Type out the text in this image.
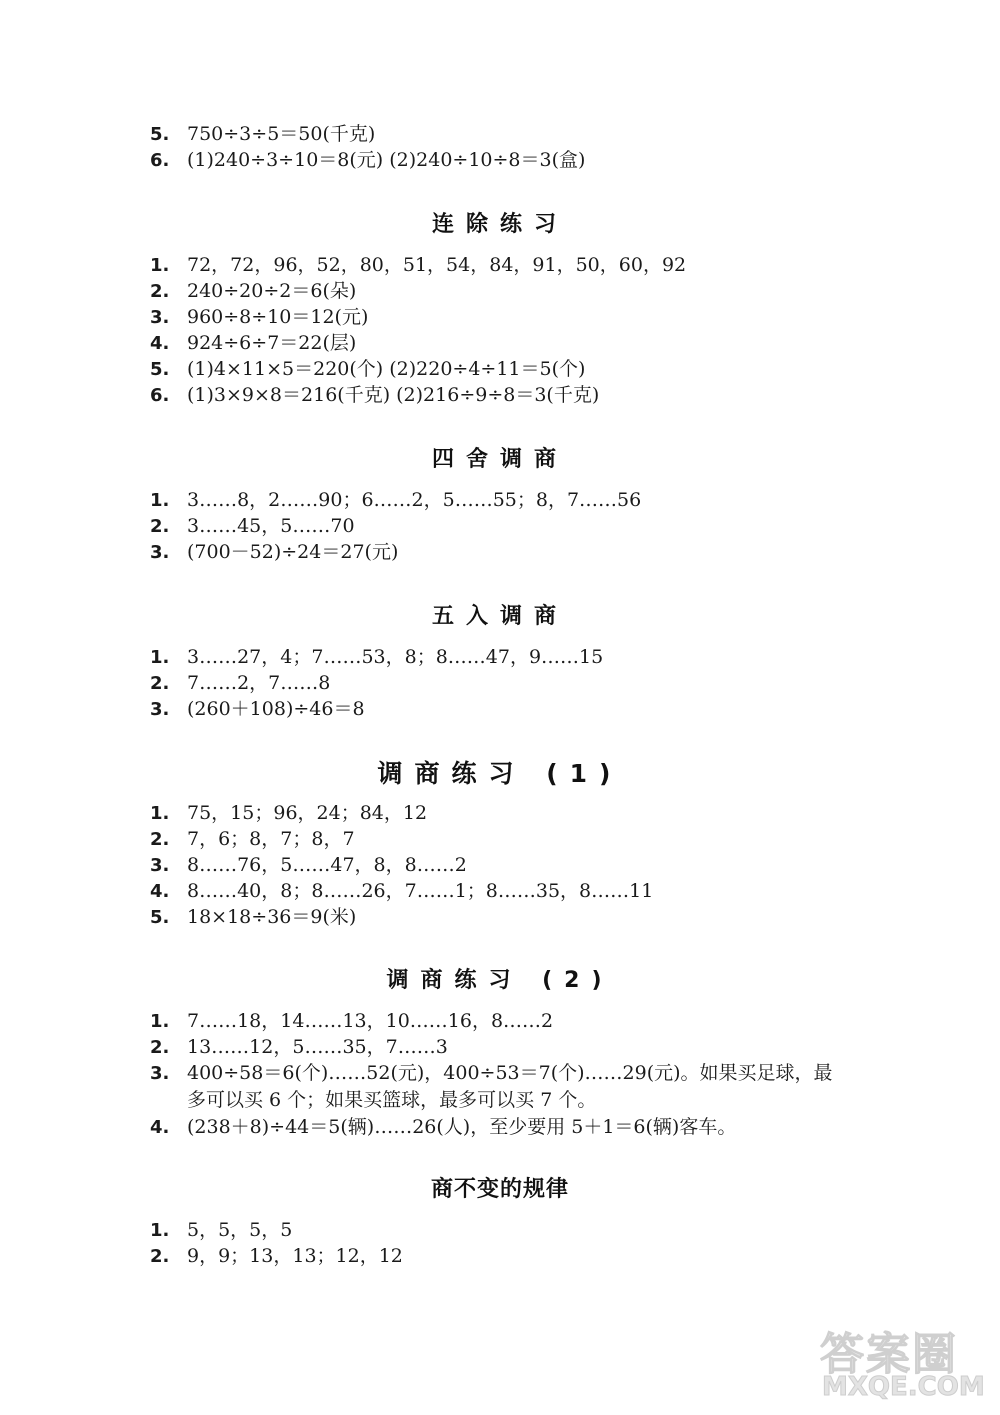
5. 750÷3÷5＝50(千克)
6. (1)240÷3÷10＝8(元) (2)240÷10÷8＝3(盒)
连除练习
1. 72，72，96，52，80，51，54，84，91，50，60，92
2. 240÷20÷2＝6(朵)
3. 960÷8÷10＝12(元)
4. 924÷6÷7＝22(层)
5. (1)4×11×5＝220(个) (2)220÷4÷11＝5(个)
6. (1)3×9×8＝216(千克) (2)216÷9÷8＝3(千克)
四舍调商
1. 3……8，2……90；6……2，5……55；8，7……56
2. 3……45，5……70
3. (700－52)÷24＝27(元)
五入调商
1. 3……27，4；7……53，8；8……47，9……15
2. 7……2，7……8
3. (260＋108)÷46＝8
调商练习 (1)
1. 75，15；96，24；84，12
2. 7，6；8，7；8，7
3. 8……76，5……47，8，8……2
4. 8……40，8；8……26，7……1；8……35，8……11
5. 18×18÷36＝9(米)
调商练习 (2)
1. 7……18，14……13，10……16，8……2
2. 13……12，5……35，7……3
3. 400÷58＝6(个)……52(元)，400÷53＝7(个)……29(元)。如果买足球，最
多可以买 6 个；如果买篮球，最多可以买 7 个。
4. (238＋8)÷44＝5(辆)……26(人)，至少要用 5＋1＝6(辆)客车。
商不变的规律
1. 5，5，5，5
2. 9，9；13，13；12，12
答案圈
MXQE.COM
